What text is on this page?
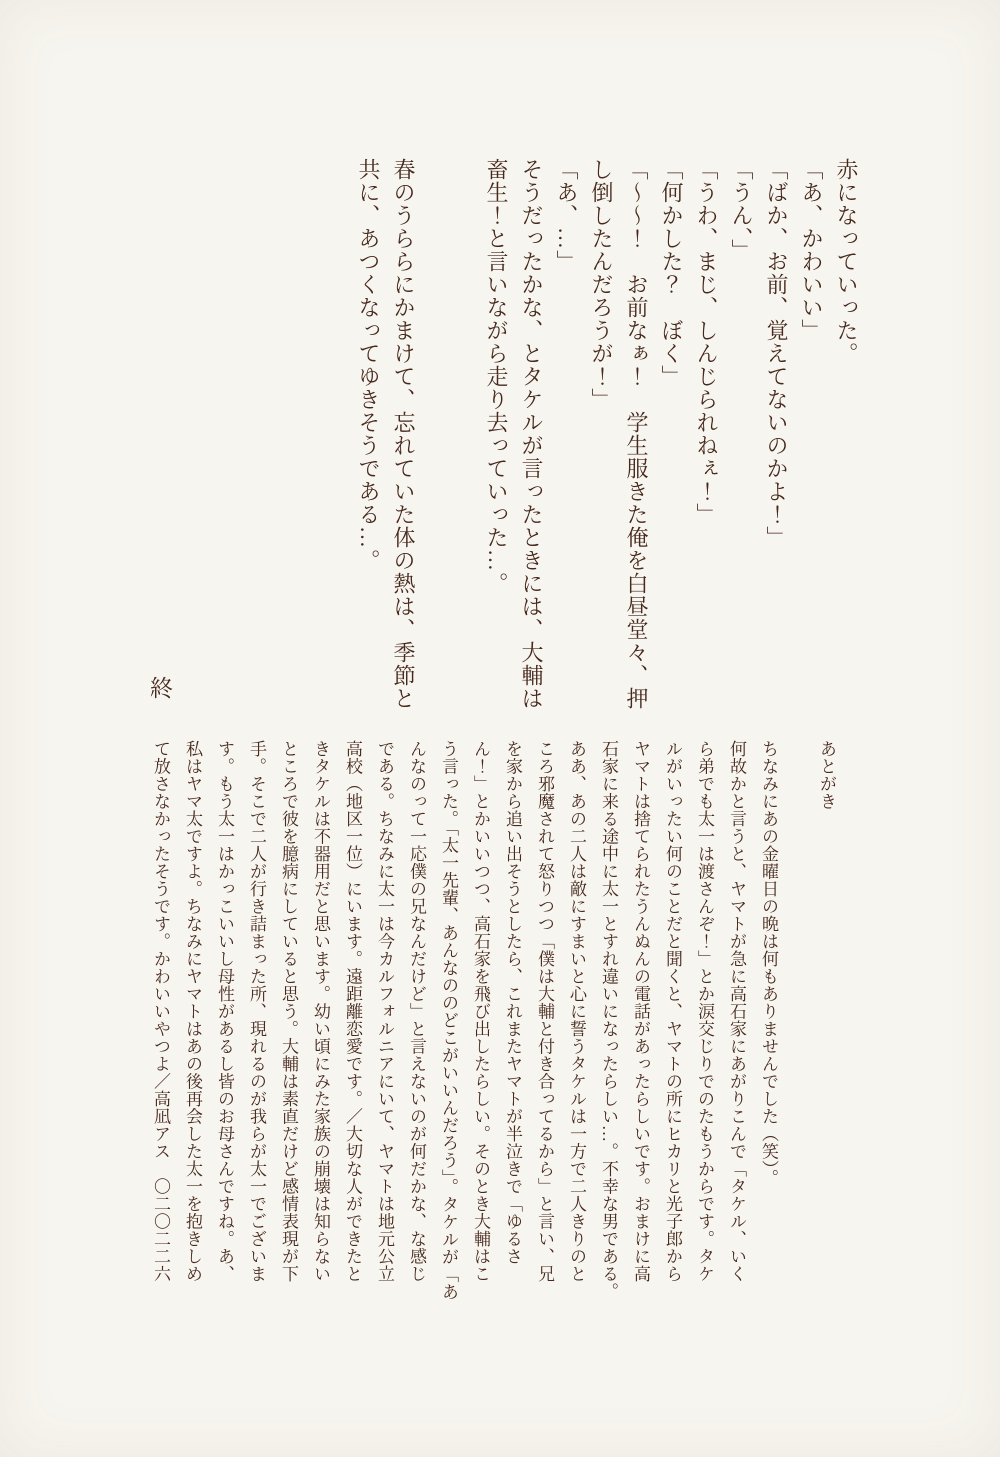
赤になっていった。

「あ、かわいい」

「ばか、お前、覚えてないのかよ！」

「うん、」

「うわ、まじ、しんじられねぇ！」

「何かした？　ぼく」

「～～！　お前なぁ！　学生服きた俺を白昼堂々、押

し倒したんだろうが！」

「あ、…」

そうだったかな、とタケルが言ったときには、大輔は

畜生！と言いながら走り去っていった…。

春のうららにかまけて、忘れていた体の熱は、季節と

共に、あつくなってゆきそうである…。

終
あとがき

ちなみにあの金曜日の晩は何もありませんでした（笑）。

何故かと言うと、ヤマトが急に高石家にあがりこんで「タケル、いく

ら弟でも太一は渡さんぞ！」とか涙交じりでのたもうからです。タケ

ルがいったい何のことだと聞くと、ヤマトの所にヒカリと光子郎から

ヤマトは捨てられたうんぬんの電話があったらしいです。おまけに高

石家に来る途中に太一とすれ違いになったらしい…。不幸な男である。

ああ、あの二人は敵にすまいと心に誓うタケルは一方で二人きりのと

ころ邪魔されて怒りつつ「僕は大輔と付き合ってるから」と言い、兄

を家から追い出そうとしたら、これまたヤマトが半泣きで「ゆるさ

ん！」とかいいつつ、高石家を飛び出したらしい。そのとき大輔はこ

う言った。「太一先輩、あんなののどこがいいんだろう」。タケルが「あ

んなのって一応僕の兄なんだけど」と言えないのが何だかな、な感じ

である。ちなみに太一は今カルフォルニアにいて、ヤマトは地元公立

高校（地区一位）にいます。遠距離恋愛です。／大切な人ができたと

きタケルは不器用だと思います。幼い頃にみた家族の崩壊は知らない

ところで彼を臆病にしていると思う。大輔は素直だけど感情表現が下

手。そこで二人が行き詰まった所、現れるのが我らが太一でございま

す。もう太一はかっこいいし母性があるし皆のお母さんですね。あ、

私はヤマ太ですよ。ちなみにヤマトはあの後再会した太一を抱きしめ

て放さなかったそうです。かわいいやつよ／高凪アス　〇二〇二二六
